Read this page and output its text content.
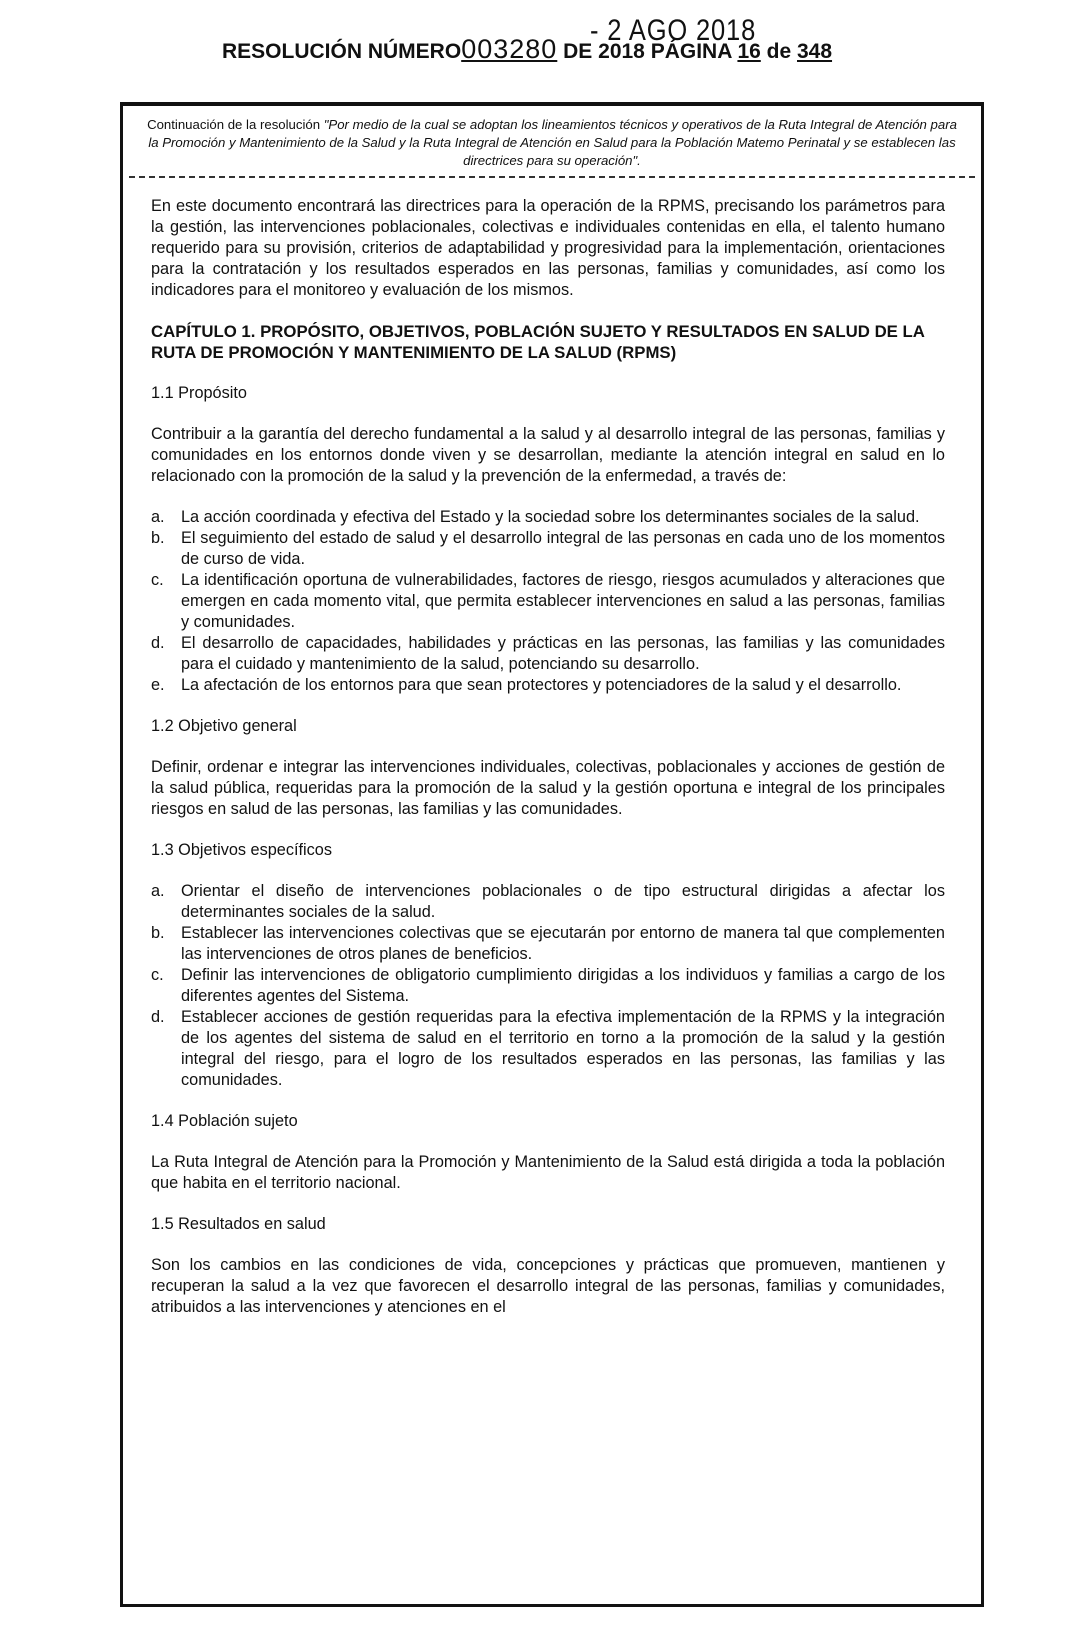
- 2 AGO 2018
RESOLUCIÓN NÚMERO003280 DE 2018 PÁGINA 16 de 348
Continuación de la resolución "Por medio de la cual se adoptan los lineamientos técnicos y operativos de la Ruta Integral de Atención para la Promoción y Mantenimiento de la Salud y la Ruta Integral de Atención en Salud para la Población Matemo Perinatal y se establecen las directrices para su operación".

En este documento encontrará las directrices para la operación de la RPMS, precisando los parámetros para la gestión, las intervenciones poblacionales, colectivas e individuales contenidas en ella, el talento humano requerido para su provisión, criterios de adaptabilidad y progresividad para la implementación, orientaciones para la contratación y los resultados esperados en las personas, familias y comunidades, así como los indicadores para el monitoreo y evaluación de los mismos.

CAPÍTULO 1. PROPÓSITO, OBJETIVOS, POBLACIÓN SUJETO Y RESULTADOS EN SALUD DE LA RUTA DE PROMOCIÓN Y MANTENIMIENTO DE LA SALUD (RPMS)

1.1 Propósito

Contribuir a la garantía del derecho fundamental a la salud y al desarrollo integral de las personas, familias y comunidades en los entornos donde viven y se desarrollan, mediante la atención integral en salud en lo relacionado con la promoción de la salud y la prevención de la enfermedad, a través de:

a. La acción coordinada y efectiva del Estado y la sociedad sobre los determinantes sociales de la salud.
b. El seguimiento del estado de salud y el desarrollo integral de las personas en cada uno de los momentos de curso de vida.
c. La identificación oportuna de vulnerabilidades, factores de riesgo, riesgos acumulados y alteraciones que emergen en cada momento vital, que permita establecer intervenciones en salud a las personas, familias y comunidades.
d. El desarrollo de capacidades, habilidades y prácticas en las personas, las familias y las comunidades para el cuidado y mantenimiento de la salud, potenciando su desarrollo.
e. La afectación de los entornos para que sean protectores y potenciadores de la salud y el desarrollo.

1.2 Objetivo general

Definir, ordenar e integrar las intervenciones individuales, colectivas, poblacionales y acciones de gestión de la salud pública, requeridas para la promoción de la salud y la gestión oportuna e integral de los principales riesgos en salud de las personas, las familias y las comunidades.

1.3 Objetivos específicos

a. Orientar el diseño de intervenciones poblacionales o de tipo estructural dirigidas a afectar los determinantes sociales de la salud.
b. Establecer las intervenciones colectivas que se ejecutarán por entorno de manera tal que complementen las intervenciones de otros planes de beneficios.
c. Definir las intervenciones de obligatorio cumplimiento dirigidas a los individuos y familias a cargo de los diferentes agentes del Sistema.
d. Establecer acciones de gestión requeridas para la efectiva implementación de la RPMS y la integración de los agentes del sistema de salud en el territorio en torno a la promoción de la salud y la gestión integral del riesgo, para el logro de los resultados esperados en las personas, las familias y las comunidades.

1.4 Población sujeto

La Ruta Integral de Atención para la Promoción y Mantenimiento de la Salud está dirigida a toda la población que habita en el territorio nacional.

1.5 Resultados en salud

Son los cambios en las condiciones de vida, concepciones y prácticas que promueven, mantienen y recuperan la salud a la vez que favorecen el desarrollo integral de las personas, familias y comunidades, atribuidos a las intervenciones y atenciones en el
